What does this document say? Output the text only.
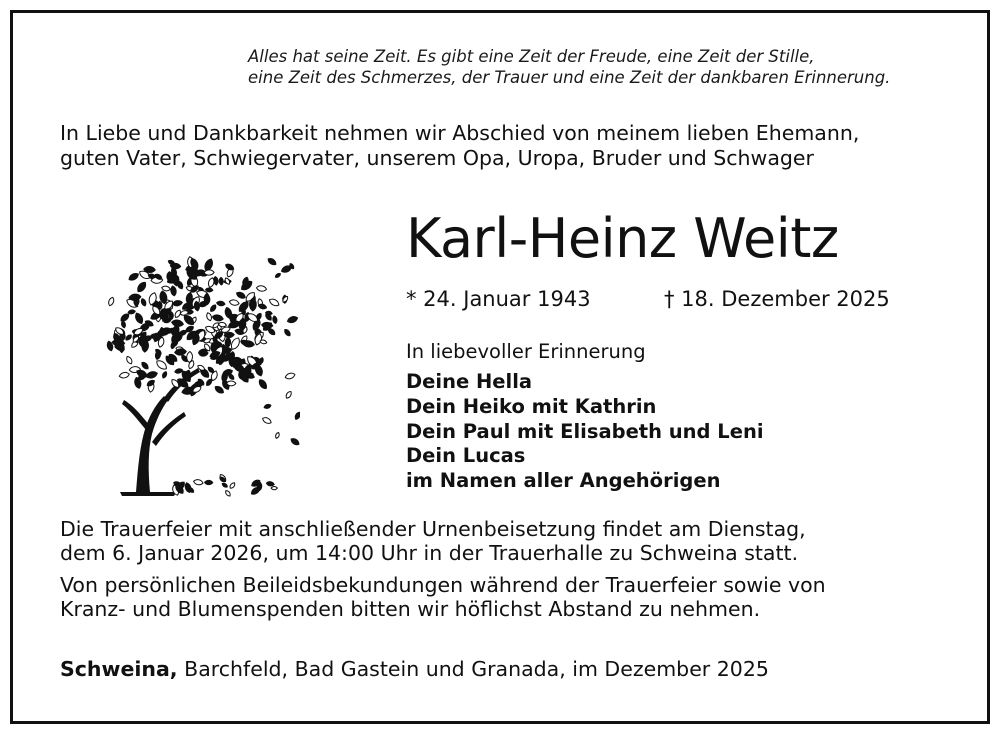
Alles hat seine Zeit. Es gibt eine Zeit der Freude, eine Zeit der Stille,
eine Zeit des Schmerzes, der Trauer und eine Zeit der dankbaren Erinnerung.
In Liebe und Dankbarkeit nehmen wir Abschied von meinem lieben Ehemann,
guten Vater, Schwiegervater, unserem Opa, Uropa, Bruder und Schwager
Karl-Heinz Weitz
* 24. Januar 1943	† 18. Dezember 2025
In liebevoller Erinnerung
Deine Hella
Dein Heiko mit Kathrin
Dein Paul mit Elisabeth und Leni
Dein Lucas
im Namen aller Angehörigen
Die Trauerfeier mit anschließender Urnenbeisetzung findet am Dienstag,
dem 6. Januar 2026, um 14:00 Uhr in der Trauerhalle zu Schweina statt.
Von persönlichen Beileidsbekundungen während der Trauerfeier sowie von
Kranz- und Blumenspenden bitten wir höflichst Abstand zu nehmen.
Schweina, Barchfeld, Bad Gastein und Granada, im Dezember 2025
